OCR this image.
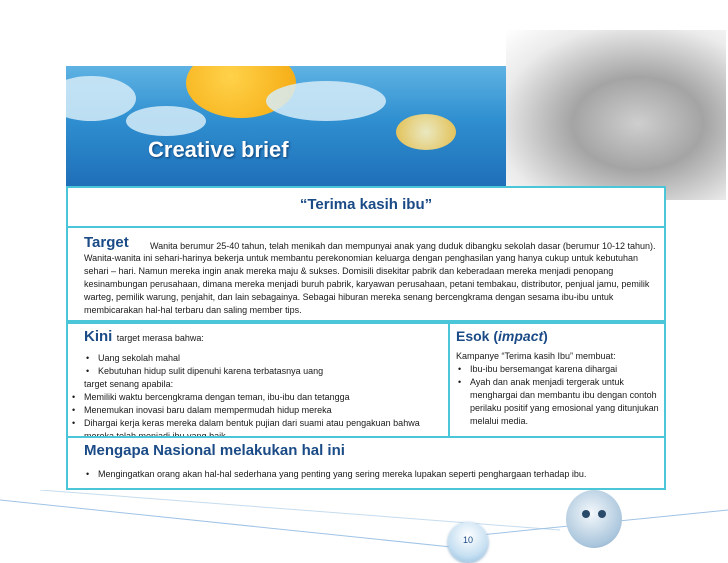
Creative brief
“Terima kasih ibu”
Target Wanita berumur 25-40 tahun, telah menikah dan mempunyai anak yang duduk dibangku sekolah dasar (berumur 10-12 tahun).
Wanita-wanita ini sehari-harinya bekerja untuk membantu perekonomian keluarga dengan penghasilan yang hanya cukup untuk kebutuhan sehari – hari. Namun mereka ingin anak mereka maju & sukses. Domisili disekitar pabrik dan keberadaan mereka menjadi penopang kesinambungan perusahaan, dimana mereka menjadi buruh pabrik, karyawan perusahaan, petani tembakau, distributor, penjual jamu, pemilik warteg, pemilik warung, penjahit, dan lain sebagainya. Sebagai hiburan mereka senang bercengkrama dengan sesama ibu-ibu untuk membicarakan hal-hal terbaru dan saling member tips.
Kini target merasa bahwa:
• Uang sekolah mahal
• Kebutuhan hidup sulit dipenuhi karena terbatasnya uang
target senang apabila:
• Memiliki waktu bercengkrama dengan teman, ibu-ibu dan tetangga
• Menemukan inovasi baru dalam mempermudah hidup mereka
• Dihargai kerja keras mereka dalam bentuk pujian dari suami atau pengakuan bahwa
Esok (impact)
Kampanye “Terima kasih Ibu” membuat:
• Ibu-ibu bersemangat karena dihargai
• Ayah dan anak menjadi tergerak untuk menghargai dan membantu ibu dengan contoh perilaku positif yang emosional yang ditunjukan melalui media.
Mengapa Nasional melakukan hal ini
• Mengingatkan orang akan hal-hal sederhana yang penting yang sering mereka lupakan seperti penghargaan terhadap ibu.
10
